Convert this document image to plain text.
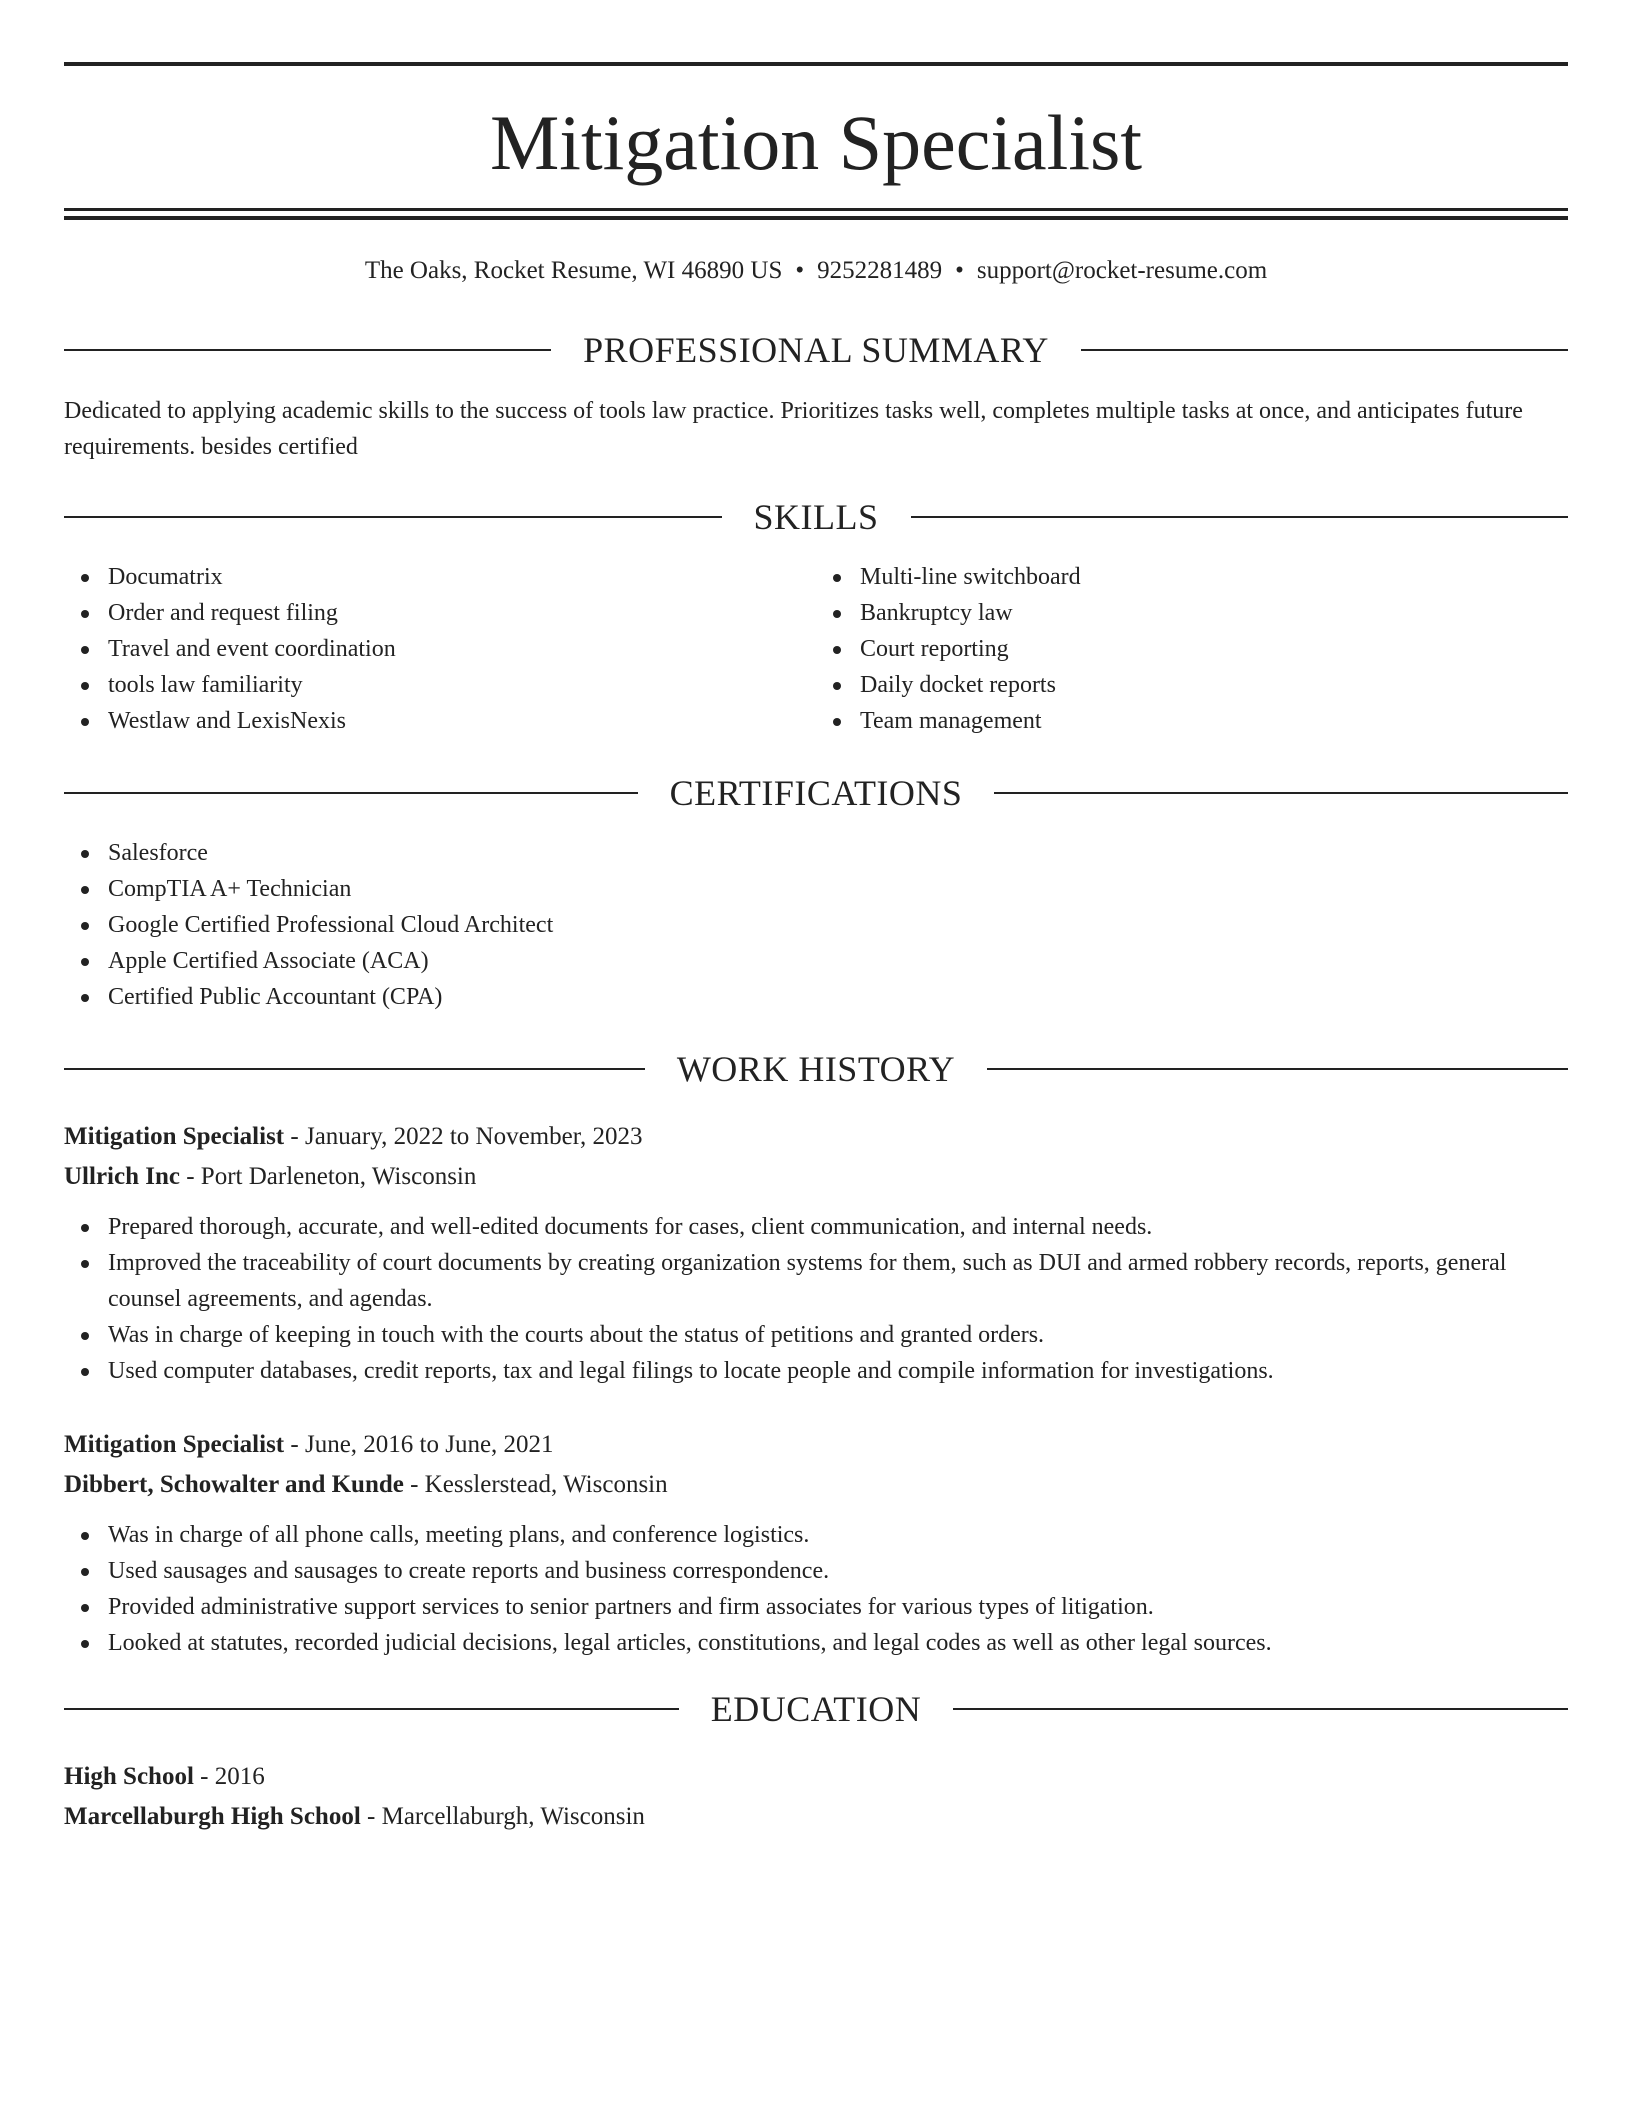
Mitigation Specialist
The Oaks, Rocket Resume, WI 46890 US • 9252281489 • support@rocket-resume.com
PROFESSIONAL SUMMARY
Dedicated to applying academic skills to the success of tools law practice. Prioritizes tasks well, completes multiple tasks at once, and anticipates future requirements. besides certified
SKILLS
Documatrix
Order and request filing
Travel and event coordination
tools law familiarity
Westlaw and LexisNexis
Multi-line switchboard
Bankruptcy law
Court reporting
Daily docket reports
Team management
CERTIFICATIONS
Salesforce
CompTIA A+ Technician
Google Certified Professional Cloud Architect
Apple Certified Associate (ACA)
Certified Public Accountant (CPA)
WORK HISTORY
Mitigation Specialist - January, 2022 to November, 2023
Ullrich Inc - Port Darleneton, Wisconsin
Prepared thorough, accurate, and well-edited documents for cases, client communication, and internal needs.
Improved the traceability of court documents by creating organization systems for them, such as DUI and armed robbery records, reports, general counsel agreements, and agendas.
Was in charge of keeping in touch with the courts about the status of petitions and granted orders.
Used computer databases, credit reports, tax and legal filings to locate people and compile information for investigations.
Mitigation Specialist - June, 2016 to June, 2021
Dibbert, Schowalter and Kunde - Kesslerstead, Wisconsin
Was in charge of all phone calls, meeting plans, and conference logistics.
Used sausages and sausages to create reports and business correspondence.
Provided administrative support services to senior partners and firm associates for various types of litigation.
Looked at statutes, recorded judicial decisions, legal articles, constitutions, and legal codes as well as other legal sources.
EDUCATION
High School - 2016
Marcellaburgh High School - Marcellaburgh, Wisconsin
